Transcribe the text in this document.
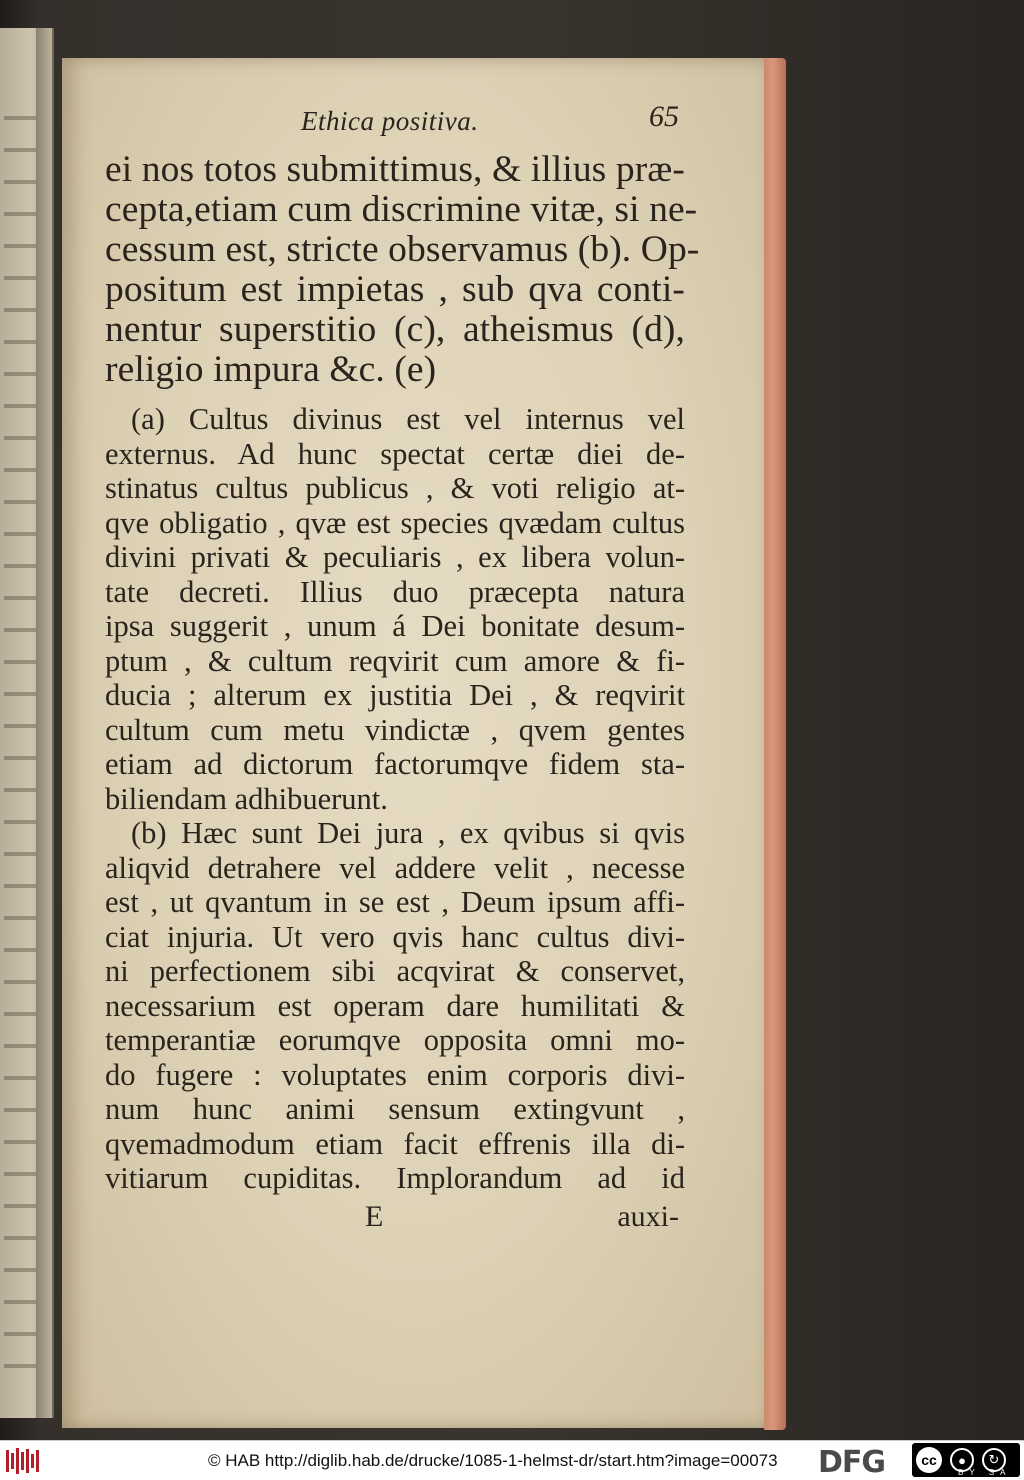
Ethica positiva.	65
ei nos totos submittimus, & illius præ-
cepta,etiam cum discrimine vitæ, si ne-
cessum est, stricte observamus (b). Op-
positum est impietas , sub qva conti-
nentur superstitio (c), atheismus (d),
religio impura &c. (e)
(a) Cultus divinus est vel internus vel
externus. Ad hunc spectat certæ diei de-
stinatus cultus publicus , & voti religio at-
qve obligatio , qvæ est species qvædam cultus
divini privati & peculiaris , ex libera volun-
tate decreti. Illius duo præcepta natura
ipsa suggerit , unum á Dei bonitate desum-
ptum , & cultum reqvirit cum amore & fi-
ducia ; alterum ex justitia Dei , & reqvirit
cultum cum metu vindictæ , qvem gentes
etiam ad dictorum factorumqve fidem sta-
biliendam adhibuerunt.
(b) Hæc sunt Dei jura , ex qvibus si qvis
aliqvid detrahere vel addere velit , necesse
est , ut qvantum in se est , Deum ipsum affi-
ciat injuria. Ut vero qvis hanc cultus divi-
ni perfectionem sibi acqvirat & conservet,
necessarium est operam dare humilitati &
temperantiæ eorumqve opposita omni mo-
do fugere : voluptates enim corporis divi-
num hunc animi sensum extingvunt ,
qvemadmodum etiam facit effrenis illa di-
vitiarum cupiditas. Implorandum ad id
E	auxi-
© HAB http://diglib.hab.de/drucke/1085-1-helmst-dr/start.htm?image=00073 DFG	cc	●	↻
BY SA
